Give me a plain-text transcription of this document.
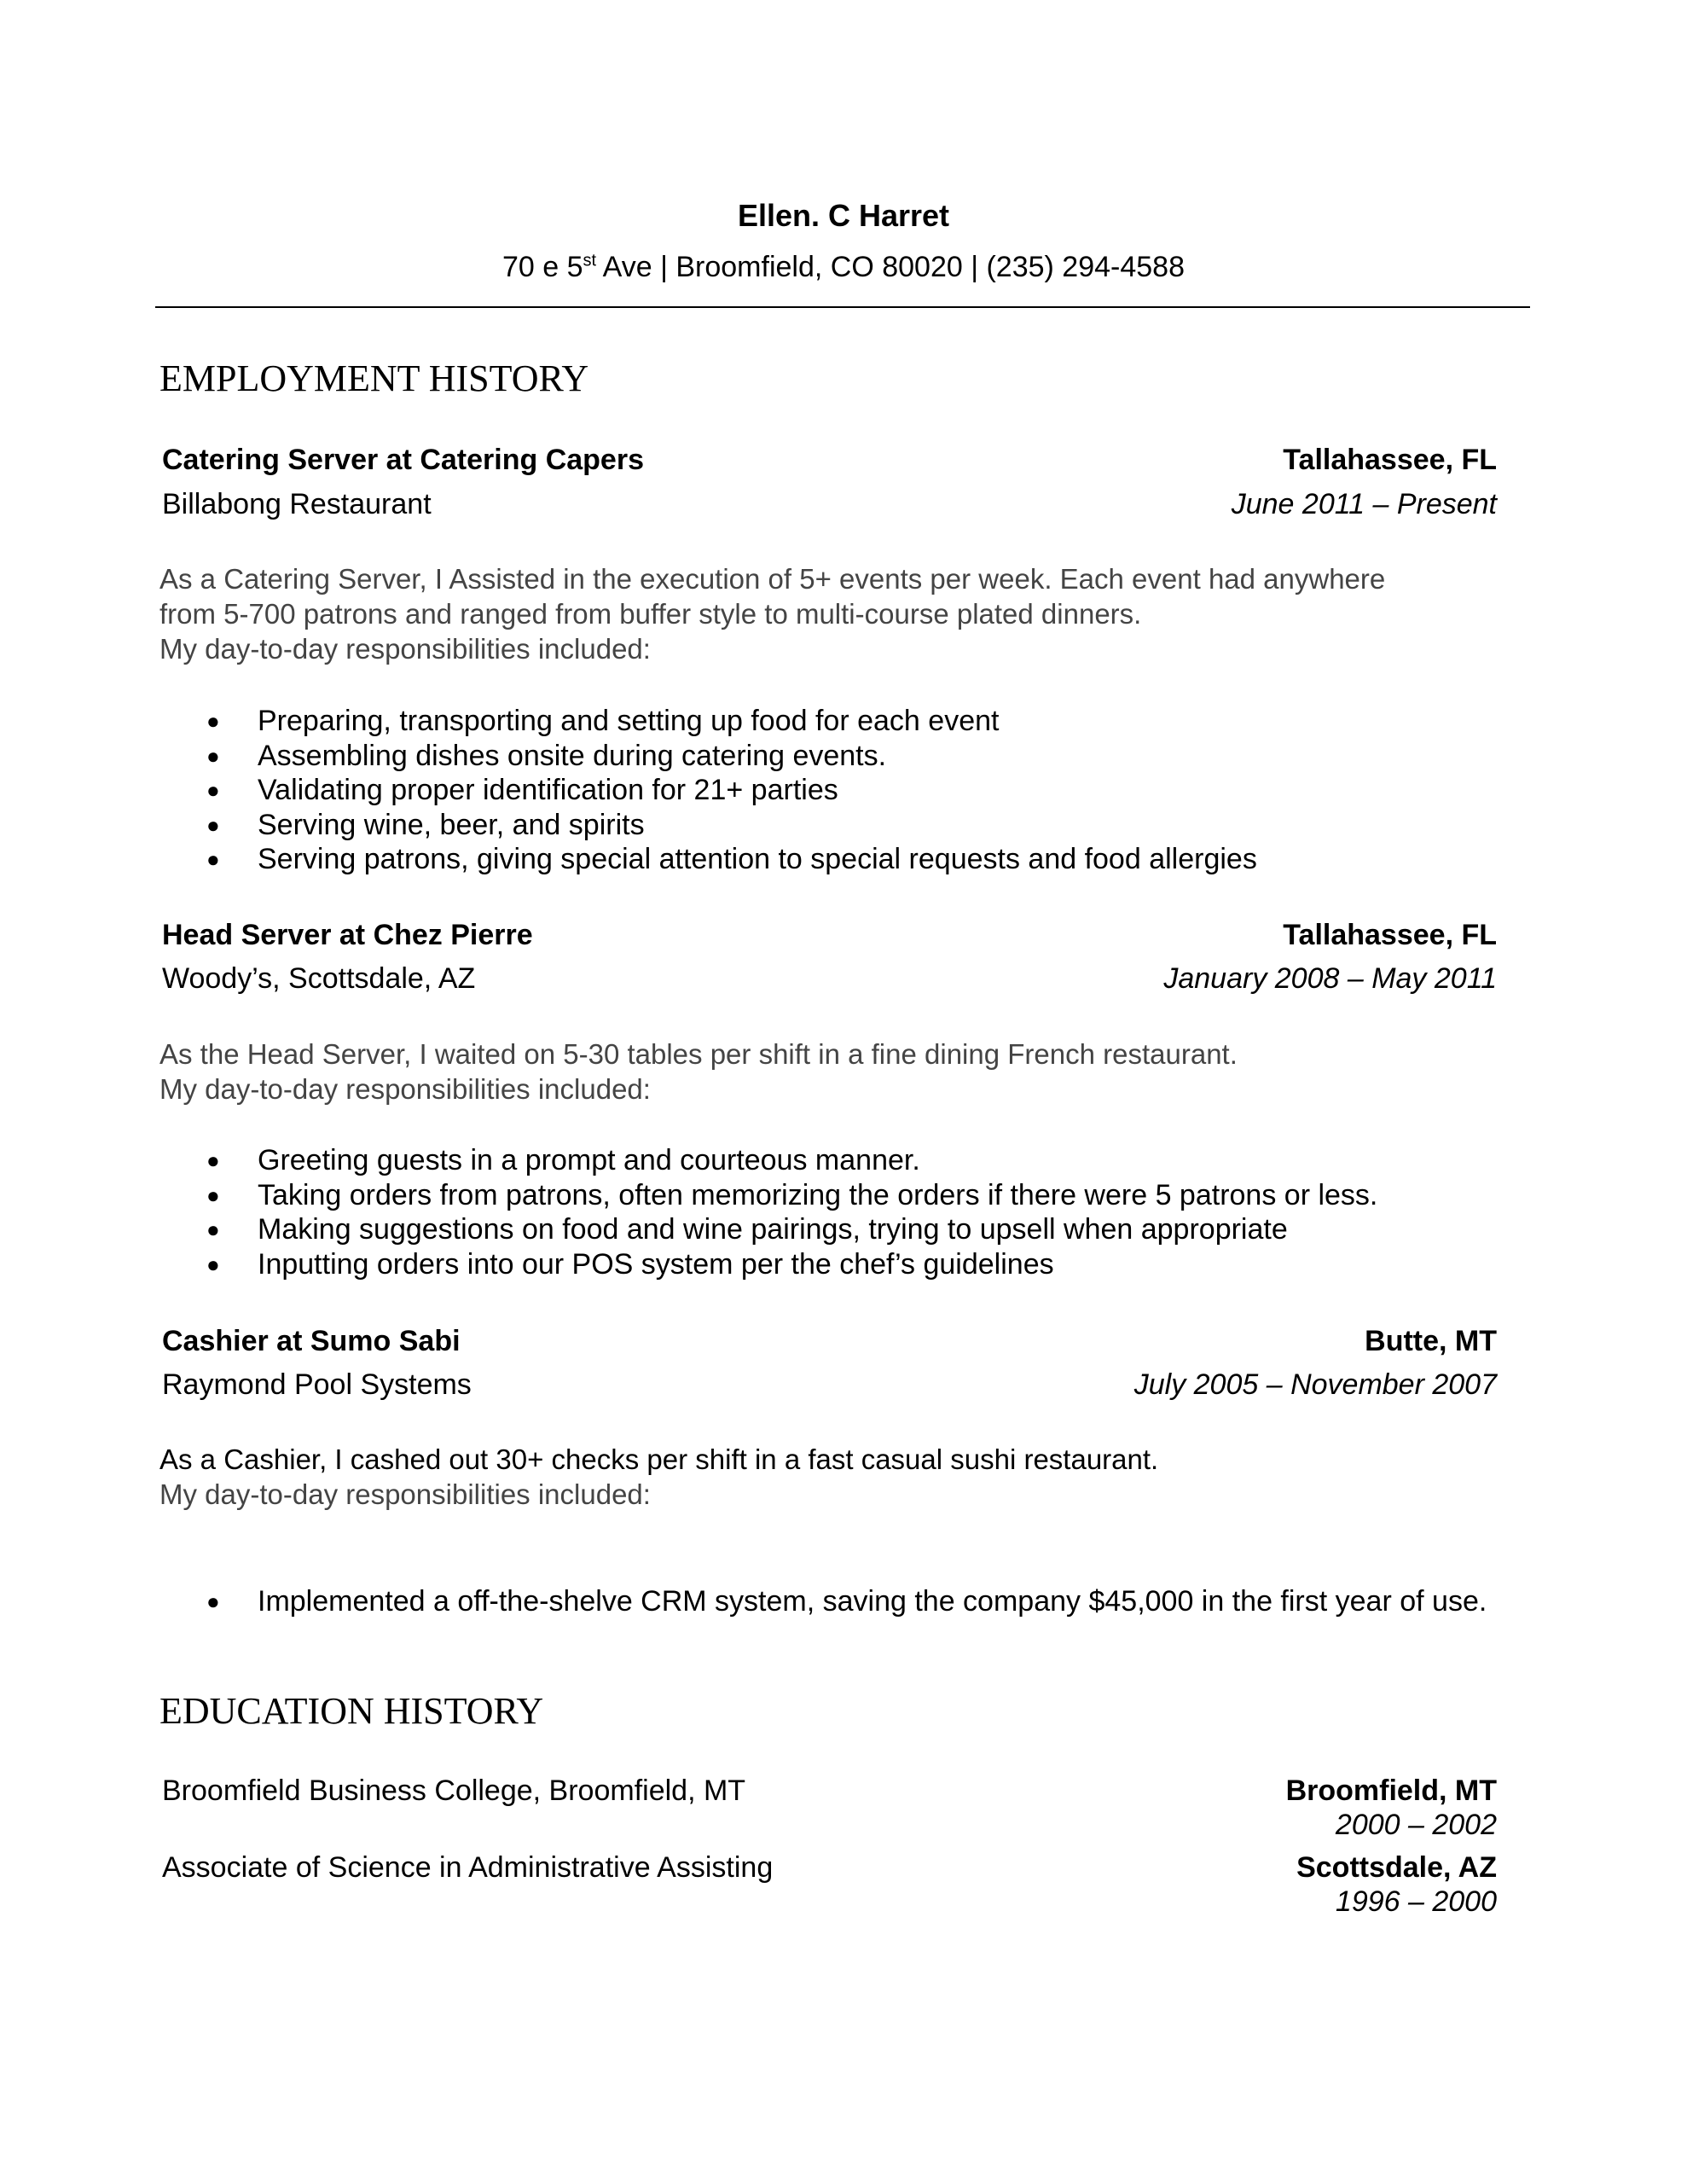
Ellen. C Harret
70 e 5st Ave | Broomfield, CO 80020 | (235) 294-4588
EMPLOYMENT HISTORY
Catering Server at Catering Capers	Tallahassee, FL
Billabong Restaurant	June 2011 – Present
As a Catering Server, I Assisted in the execution of 5+ events per week. Each event had anywhere
from 5-700 patrons and ranged from buffer style to multi-course plated dinners.
My day-to-day responsibilities included:
● Preparing, transporting and setting up food for each event
● Assembling dishes onsite during catering events.
● Validating proper identification for 21+ parties
● Serving wine, beer, and spirits
● Serving patrons, giving special attention to special requests and food allergies
Head Server at Chez Pierre	Tallahassee, FL
Woody’s, Scottsdale, AZ	January 2008 – May 2011
As the Head Server, I waited on 5-30 tables per shift in a fine dining French restaurant.
My day-to-day responsibilities included:
● Greeting guests in a prompt and courteous manner.
● Taking orders from patrons, often memorizing the orders if there were 5 patrons or less.
● Making suggestions on food and wine pairings, trying to upsell when appropriate
● Inputting orders into our POS system per the chef’s guidelines
Cashier at Sumo Sabi	Butte, MT
Raymond Pool Systems	July 2005 – November 2007
As a Cashier, I cashed out 30+ checks per shift in a fast casual sushi restaurant.
My day-to-day responsibilities included:
● Implemented a off-the-shelve CRM system, saving the company $45,000 in the first year of use.
EDUCATION HISTORY
Broomfield Business College, Broomfield, MT	Broomfield, MT
2000 – 2002
Associate of Science in Administrative Assisting	Scottsdale, AZ
1996 – 2000
